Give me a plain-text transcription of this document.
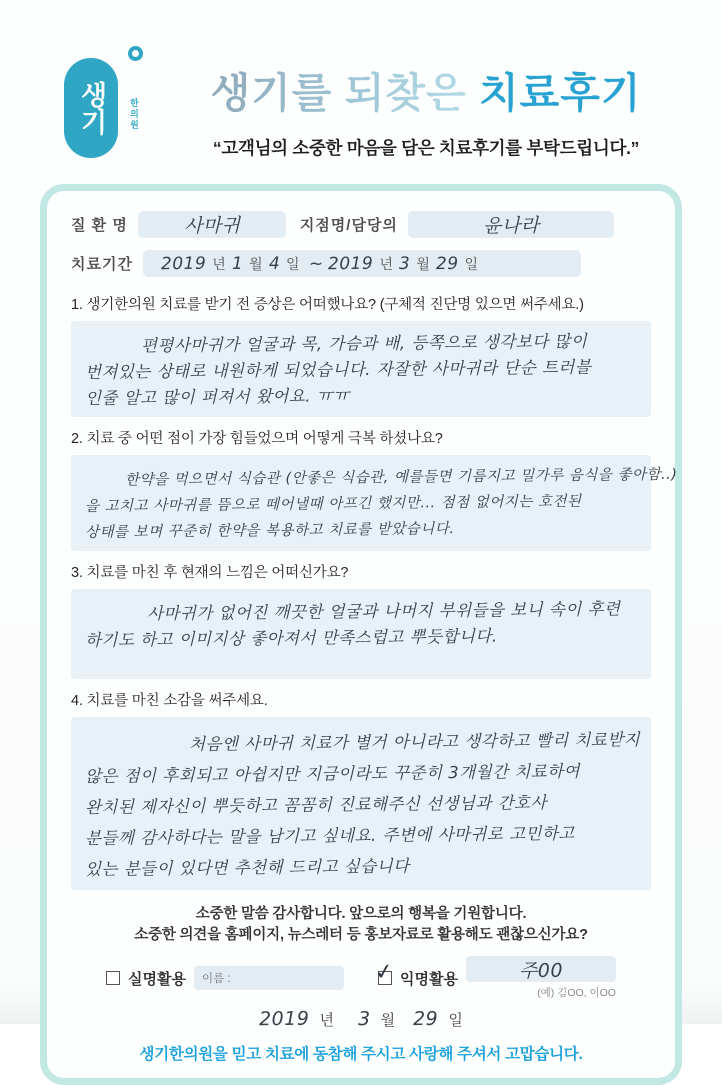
생기 한의원	생기를 되찾은 치료후기
“고객님의 소중한 마음을 담은 치료후기를 부탁드립니다.”
질 환 명	사마귀	지점명/담당의	윤나라
치료기간 2019 년 1 월 4 일 ~ 2019 년 3 월 29 일
1. 생기한의원 치료를 받기 전 증상은 어떠했나요? (구체적 진단명 있으면 써주세요.)
편평사마귀가 얼굴과 목, 가슴과 배, 등쪽으로 생각보다 많이
번져있는 상태로 내원하게 되었습니다. 자잘한 사마귀라 단순 트러블
인줄 알고 많이 퍼져서 왔어요. ㅠㅠ
2. 치료 중 어떤 점이 가장 힘들었으며 어떻게 극복 하셨나요?
한약을 먹으면서 식습관 (안좋은 식습관, 예를들면 기름지고 밀가루 음식을 좋아함..)
을 고치고 사마귀를 뜸으로 떼어낼때 아프긴 했지만... 점점 없어지는 호전된
상태를 보며 꾸준히 한약을 복용하고 치료를 받았습니다.
3. 치료를 마친 후 현재의 느낌은 어떠신가요?
사마귀가 없어진 깨끗한 얼굴과 나머지 부위들을 보니 속이 후련
하기도 하고 이미지상 좋아져서 만족스럽고 뿌듯합니다.
4. 치료를 마친 소감을 써주세요.
처음엔 사마귀 치료가 별거 아니라고 생각하고 빨리 치료받지
않은 점이 후회되고 아쉽지만 지금이라도 꾸준히 3개월간 치료하여
완치된 제자신이 뿌듯하고 꼼꼼히 진료해주신 선생님과 간호사
분들께 감사하다는 말을 남기고 싶네요. 주변에 사마귀로 고민하고
있는 분들이 있다면 추천해 드리고 싶습니다
소중한 말씀 감사합니다. 앞으로의 행복을 기원합니다.
소중한 의견을 홈페이지, 뉴스레터 등 홍보자료로 활용해도 괜찮으신가요?
실명활용	이름 :	✓ 익명활용	주00
(예) 김OO, 이OO
2019 년 3 월 29 일
생기한의원을 믿고 치료에 동참해 주시고 사랑해 주셔서 고맙습니다.
